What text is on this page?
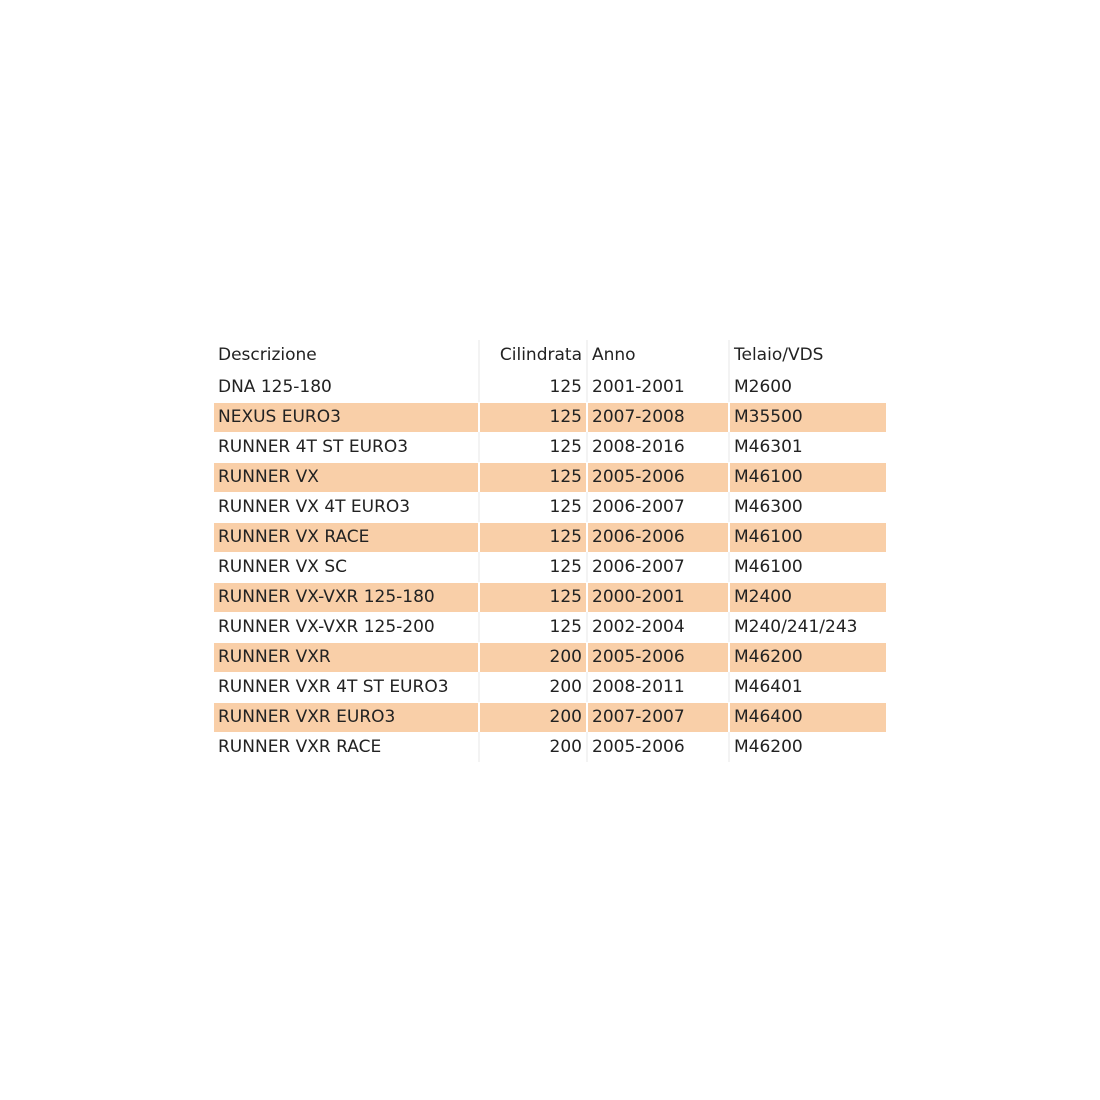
Descrizione	Cilindrata	Anno	Telaio/VDS
DNA 125-180	125	2001-2001	M2600
NEXUS EURO3	125	2007-2008	M35500
RUNNER 4T ST EURO3	125	2008-2016	M46301
RUNNER VX	125	2005-2006	M46100
RUNNER VX 4T EURO3	125	2006-2007	M46300
RUNNER VX RACE	125	2006-2006	M46100
RUNNER VX SC	125	2006-2007	M46100
RUNNER VX-VXR 125-180	125	2000-2001	M2400
RUNNER VX-VXR 125-200	125	2002-2004	M240/241/243
RUNNER VXR	200	2005-2006	M46200
RUNNER VXR 4T ST EURO3	200	2008-2011	M46401
RUNNER VXR EURO3	200	2007-2007	M46400
RUNNER VXR RACE	200	2005-2006	M46200
